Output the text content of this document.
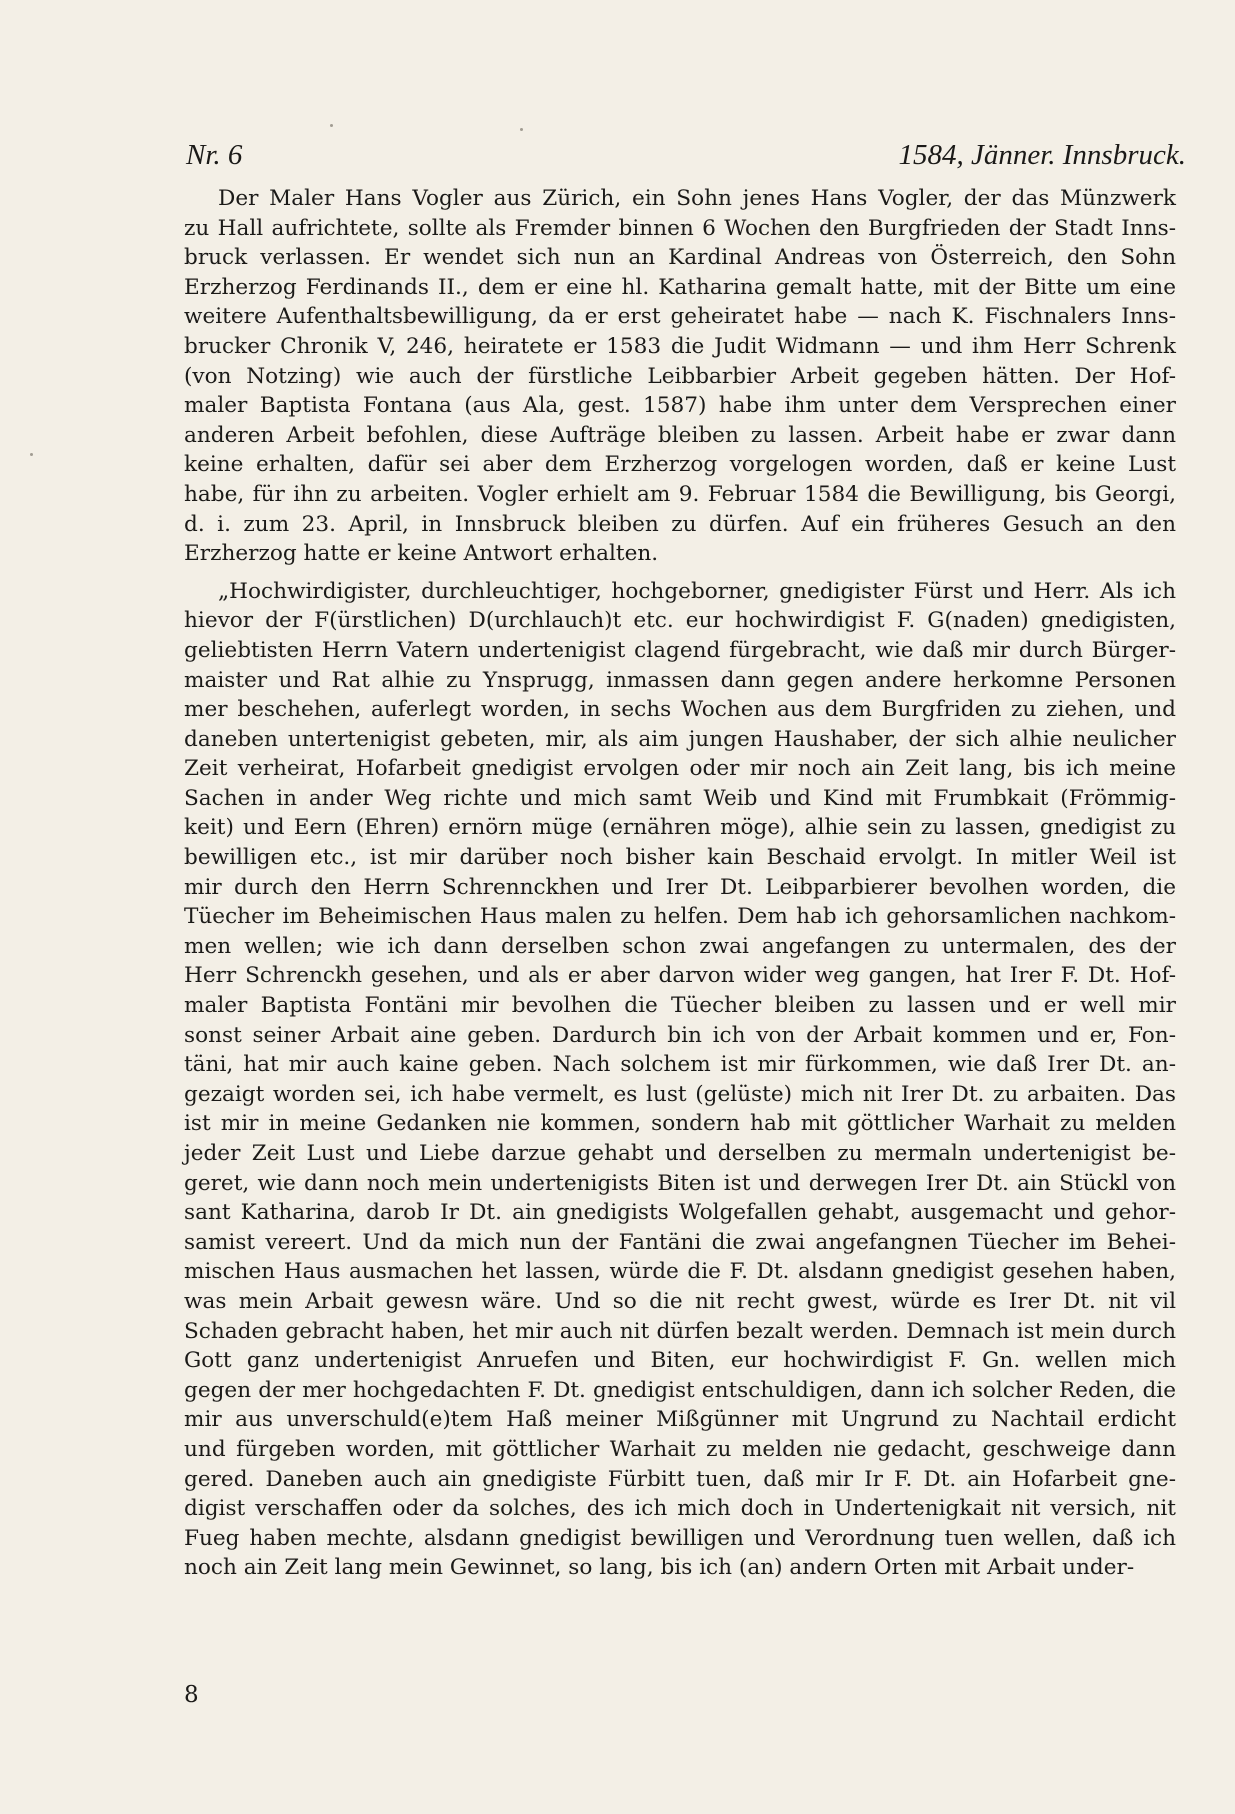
Nr. 6	1584, Jänner. Innsbruck.
Der Maler Hans Vogler aus Zürich, ein Sohn jenes Hans Vogler, der das Münzwerk
zu Hall aufrichtete, sollte als Fremder binnen 6 Wochen den Burgfrieden der Stadt Inns-
bruck verlassen. Er wendet sich nun an Kardinal Andreas von Österreich, den Sohn
Erzherzog Ferdinands II., dem er eine hl. Katharina gemalt hatte, mit der Bitte um eine
weitere Aufenthaltsbewilligung, da er erst geheiratet habe — nach K. Fischnalers Inns-
brucker Chronik V, 246, heiratete er 1583 die Judit Widmann — und ihm Herr Schrenk
(von Notzing) wie auch der fürstliche Leibbarbier Arbeit gegeben hätten. Der Hof-
maler Baptista Fontana (aus Ala, gest. 1587) habe ihm unter dem Versprechen einer
anderen Arbeit befohlen, diese Aufträge bleiben zu lassen. Arbeit habe er zwar dann
keine erhalten, dafür sei aber dem Erzherzog vorgelogen worden, daß er keine Lust
habe, für ihn zu arbeiten. Vogler erhielt am 9. Februar 1584 die Bewilligung, bis Georgi,
d. i. zum 23. April, in Innsbruck bleiben zu dürfen. Auf ein früheres Gesuch an den
Erzherzog hatte er keine Antwort erhalten.
„Hochwirdigister, durchleuchtiger, hochgeborner, gnedigister Fürst und Herr. Als ich
hievor der F(ürstlichen) D(urchlauch)t etc. eur hochwirdigist F. G(naden) gnedigisten,
geliebtisten Herrn Vatern undertenigist clagend fürgebracht, wie daß mir durch Bürger-
maister und Rat alhie zu Ynsprugg, inmassen dann gegen andere herkomne Personen
mer beschehen, auferlegt worden, in sechs Wochen aus dem Burgfriden zu ziehen, und
daneben untertenigist gebeten, mir, als aim jungen Haushaber, der sich alhie neulicher
Zeit verheirat, Hofarbeit gnedigist ervolgen oder mir noch ain Zeit lang, bis ich meine
Sachen in ander Weg richte und mich samt Weib und Kind mit Frumbkait (Frömmig-
keit) und Eern (Ehren) ernörn müge (ernähren möge), alhie sein zu lassen, gnedigist zu
bewilligen etc., ist mir darüber noch bisher kain Beschaid ervolgt. In mitler Weil ist
mir durch den Herrn Schrennckhen und Irer Dt. Leibparbierer bevolhen worden, die
Tüecher im Beheimischen Haus malen zu helfen. Dem hab ich gehorsamlichen nachkom-
men wellen; wie ich dann derselben schon zwai angefangen zu untermalen, des der
Herr Schrenckh gesehen, und als er aber darvon wider weg gangen, hat Irer F. Dt. Hof-
maler Baptista Fontäni mir bevolhen die Tüecher bleiben zu lassen und er well mir
sonst seiner Arbait aine geben. Dardurch bin ich von der Arbait kommen und er, Fon-
täni, hat mir auch kaine geben. Nach solchem ist mir fürkommen, wie daß Irer Dt. an-
gezaigt worden sei, ich habe vermelt, es lust (gelüste) mich nit Irer Dt. zu arbaiten. Das
ist mir in meine Gedanken nie kommen, sondern hab mit göttlicher Warhait zu melden
jeder Zeit Lust und Liebe darzue gehabt und derselben zu mermaln undertenigist be-
geret, wie dann noch mein undertenigists Biten ist und derwegen Irer Dt. ain Stückl von
sant Katharina, darob Ir Dt. ain gnedigists Wolgefallen gehabt, ausgemacht und gehor-
samist vereert. Und da mich nun der Fantäni die zwai angefangnen Tüecher im Behei-
mischen Haus ausmachen het lassen, würde die F. Dt. alsdann gnedigist gesehen haben,
was mein Arbait gewesn wäre. Und so die nit recht gwest, würde es Irer Dt. nit vil
Schaden gebracht haben, het mir auch nit dürfen bezalt werden. Demnach ist mein durch
Gott ganz undertenigist Anruefen und Biten, eur hochwirdigist F. Gn. wellen mich
gegen der mer hochgedachten F. Dt. gnedigist entschuldigen, dann ich solcher Reden, die
mir aus unverschuld(e)tem Haß meiner Mißgünner mit Ungrund zu Nachtail erdicht
und fürgeben worden, mit göttlicher Warhait zu melden nie gedacht, geschweige dann
gered. Daneben auch ain gnedigiste Fürbitt tuen, daß mir Ir F. Dt. ain Hofarbeit gne-
digist verschaffen oder da solches, des ich mich doch in Undertenigkait nit versich, nit
Fueg haben mechte, alsdann gnedigist bewilligen und Verordnung tuen wellen, daß ich
noch ain Zeit lang mein Gewinnet, so lang, bis ich (an) andern Orten mit Arbait under-
8
